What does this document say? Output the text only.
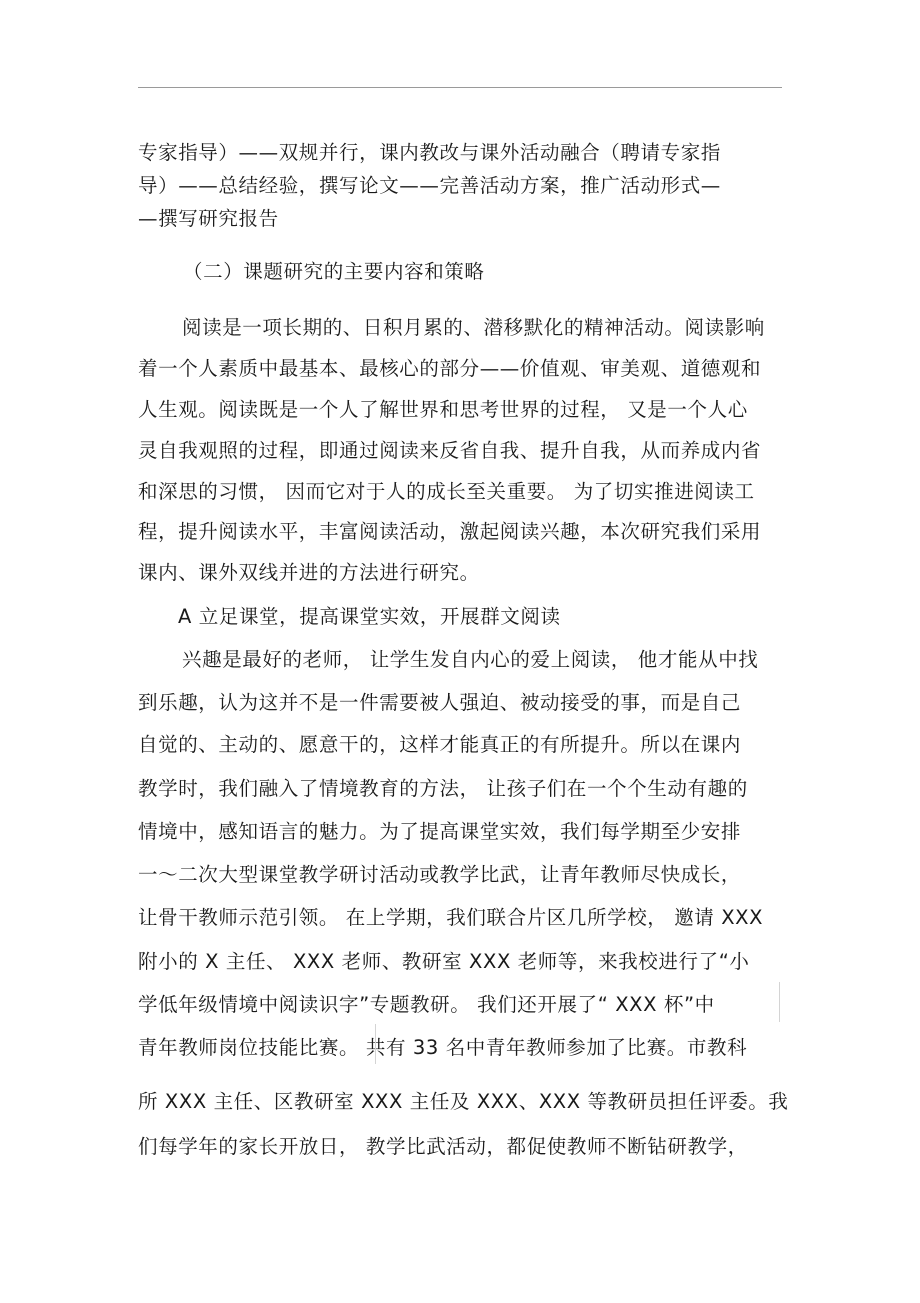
专家指导）——双规并行，课内教改与课外活动融合（聘请专家指
导）——总结经验，撰写论文——完善活动方案，推广活动形式—
—撰写研究报告
（二）课题研究的主要内容和策略
阅读是一项长期的、日积月累的、潜移默化的精神活动。阅读影响
着一个人素质中最基本、最核心的部分——价值观、审美观、道德观和
人生观。阅读既是一个人了解世界和思考世界的过程， 又是一个人心
灵自我观照的过程，即通过阅读来反省自我、提升自我，从而养成内省
和深思的习惯， 因而它对于人的成长至关重要。 为了切实推进阅读工
程，提升阅读水平，丰富阅读活动，激起阅读兴趣，本次研究我们采用
课内、课外双线并进的方法进行研究。
A 立足课堂，提高课堂实效，开展群文阅读
兴趣是最好的老师， 让学生发自内心的爱上阅读， 他才能从中找
到乐趣，认为这并不是一件需要被人强迫、被动接受的事，而是自己
自觉的、主动的、愿意干的，这样才能真正的有所提升。所以在课内
教学时，我们融入了情境教育的方法， 让孩子们在一个个生动有趣的
情境中，感知语言的魅力。为了提高课堂实效，我们每学期至少安排
一～二次大型课堂教学研讨活动或教学比武，让青年教师尽快成长，
让骨干教师示范引领。 在上学期，我们联合片区几所学校， 邀请 XXX
附小的 X 主任、 XXX 老师、教研室 XXX 老师等，来我校进行了“小
学低年级情境中阅读识字”专题教研。 我们还开展了“ XXX 杯”中
青年教师岗位技能比赛。 共有 33 名中青年教师参加了比赛。市教科
所 XXX 主任、区教研室 XXX 主任及 XXX、XXX 等教研员担任评委。我
们每学年的家长开放日， 教学比武活动，都促使教师不断钻研教学，
